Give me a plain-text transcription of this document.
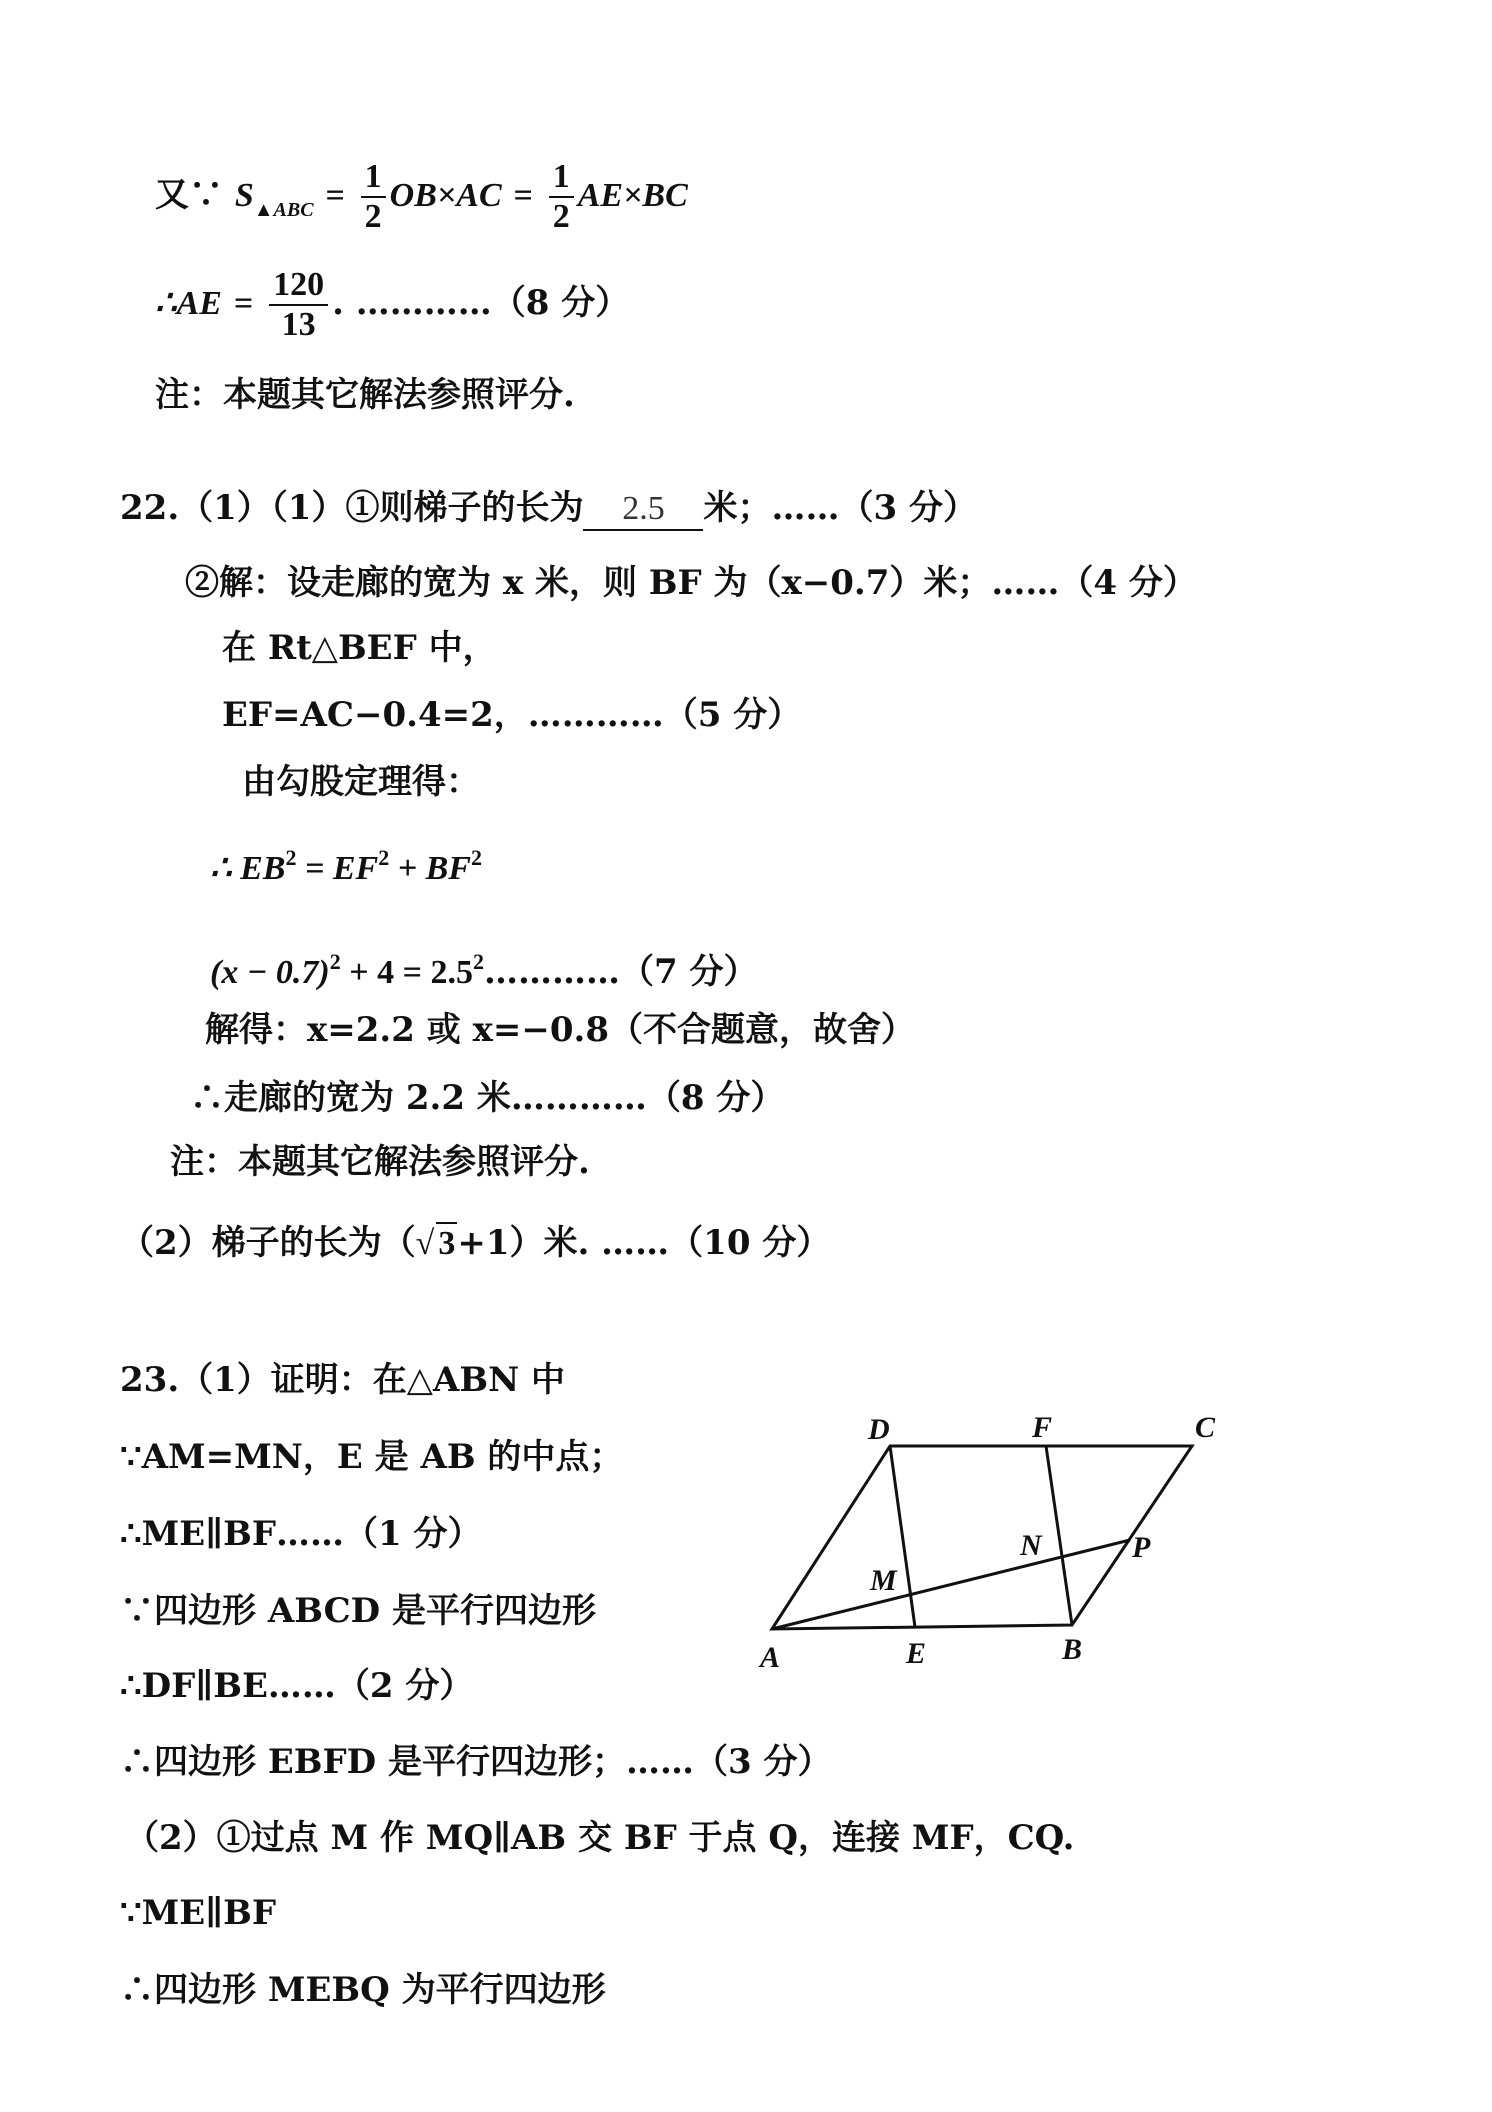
又∵ $S_{▲ABC} = \frac{1}{2} OB\times AC = \frac{1}{2} AE\times BC$
∴AE = $\frac{120}{13}$ . …………（8 分）
注：本题其它解法参照评分.
22.（1）（1）①则梯子的长为 2.5 米；……（3 分）
②解：设走廊的宽为 x 米，则 BF 为（x−0.7）米；……（4 分）
在 Rt△BEF 中，
EF=AC−0.4=2，…………（5 分）
由勾股定理得：
∴ $EB^2 = EF^2 + BF^2$
$(x - 0.7)^2 + 4$ = $2.5^2\dots\dots\dots\dots(7$ 分）
解得：x=2.2 或 x=−0.8（不合题意，故舍）
∴走廊的宽为 2.2 米…………（8 分）
注：本题其它解法参照评分.
（2）梯子的长为（√ 3+1）米. ……（10 分）
23.（1）证明：在△ABN 中
∵AM=MN，E 是 AB 的中点；
∴ME∥BF……（1 分）
∵四边形 ABCD 是平行四边形
∴DF∥BE……（2 分）
∴四边形 EBFD 是平行四边形；……（3 分）
（2）①过点 M 作 MQ∥AB 交 BF 于点 Q，连接 MF，CQ.
∵ME∥BF
∴四边形 MEBQ 为平行四边形
D	F	C
N	P
M
A	E	B
